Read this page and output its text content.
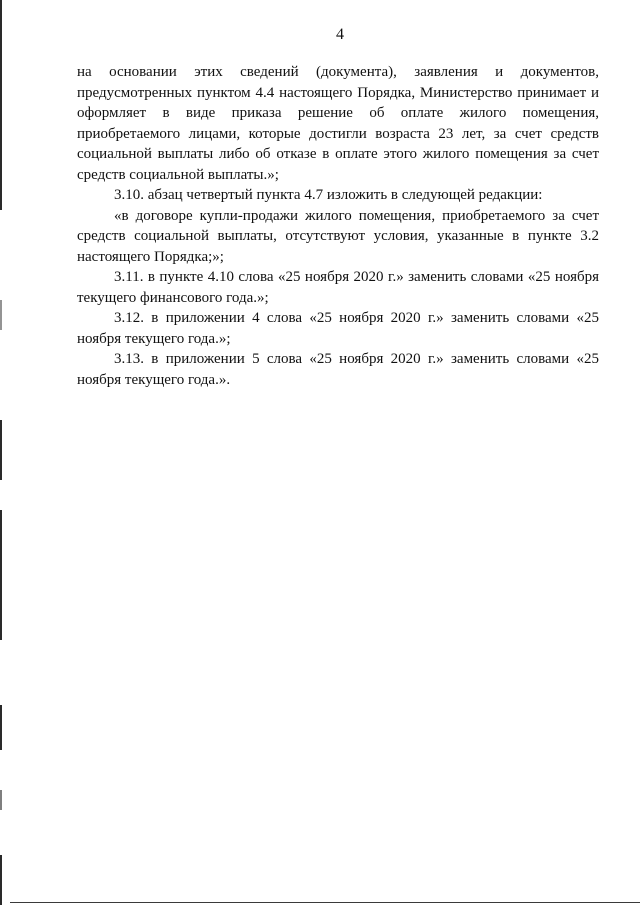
4

на основании этих сведений (документа), заявления и документов, предусмотренных пунктом 4.4 настоящего Порядка, Министерство принимает и оформляет в виде приказа решение об оплате жилого помещения, приобретаемого лицами, которые достигли возраста 23 лет, за счет средств социальной выплаты либо об отказе в оплате этого жилого помещения за счет средств социальной выплаты.»;

3.10. абзац четвертый пункта 4.7 изложить в следующей редакции:

«в договоре купли-продажи жилого помещения, приобретаемого за счет средств социальной выплаты, отсутствуют условия, указанные в пункте 3.2 настоящего Порядка;»;

3.11. в пункте 4.10 слова «25 ноября 2020 г.» заменить словами «25 ноября текущего финансового года.»;

3.12. в приложении 4 слова «25 ноября 2020 г.» заменить словами «25 ноября текущего года.»;

3.13. в приложении 5 слова «25 ноября 2020 г.» заменить словами «25 ноября текущего года.».
